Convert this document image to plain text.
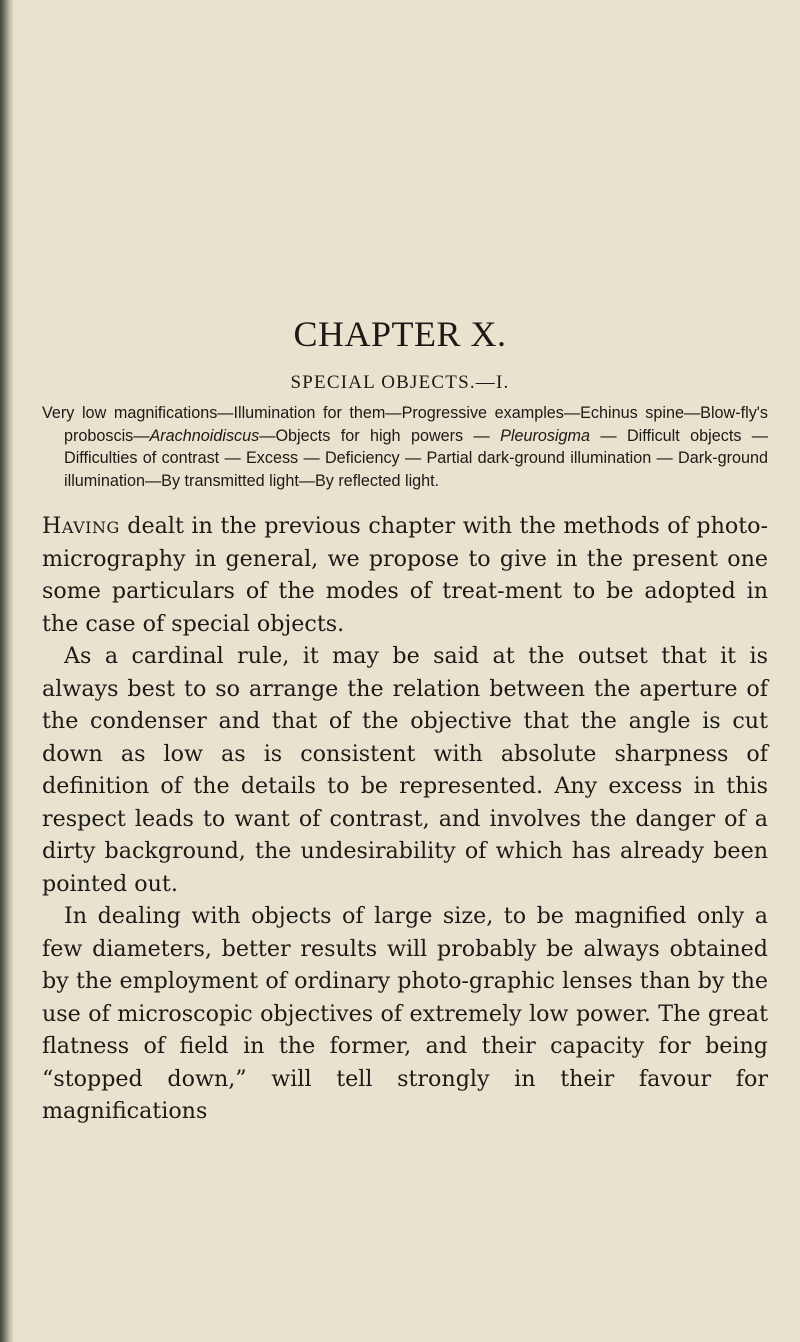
CHAPTER X.
SPECIAL OBJECTS.—I.

Very low magnifications—Illumination for them—Progressive examples—Echinus spine—Blow-fly's proboscis—Arachnoidiscus—Objects for high powers — Pleurosigma — Difficult objects — Difficulties of contrast — Excess — Deficiency — Partial dark-ground illumination — Dark-ground illumination—By transmitted light—By reflected light.

Having dealt in the previous chapter with the methods of photo-micrography in general, we propose to give in the present one some particulars of the modes of treat-ment to be adopted in the case of special objects.

As a cardinal rule, it may be said at the outset that it is always best to so arrange the relation between the aperture of the condenser and that of the objective that the angle is cut down as low as is consistent with absolute sharpness of definition of the details to be represented. Any excess in this respect leads to want of contrast, and involves the danger of a dirty background, the undesirability of which has already been pointed out.

In dealing with objects of large size, to be magnified only a few diameters, better results will probably be always obtained by the employment of ordinary photo-graphic lenses than by the use of microscopic objectives of extremely low power. The great flatness of field in the former, and their capacity for being “stopped down,” will tell strongly in their favour for magnifications
